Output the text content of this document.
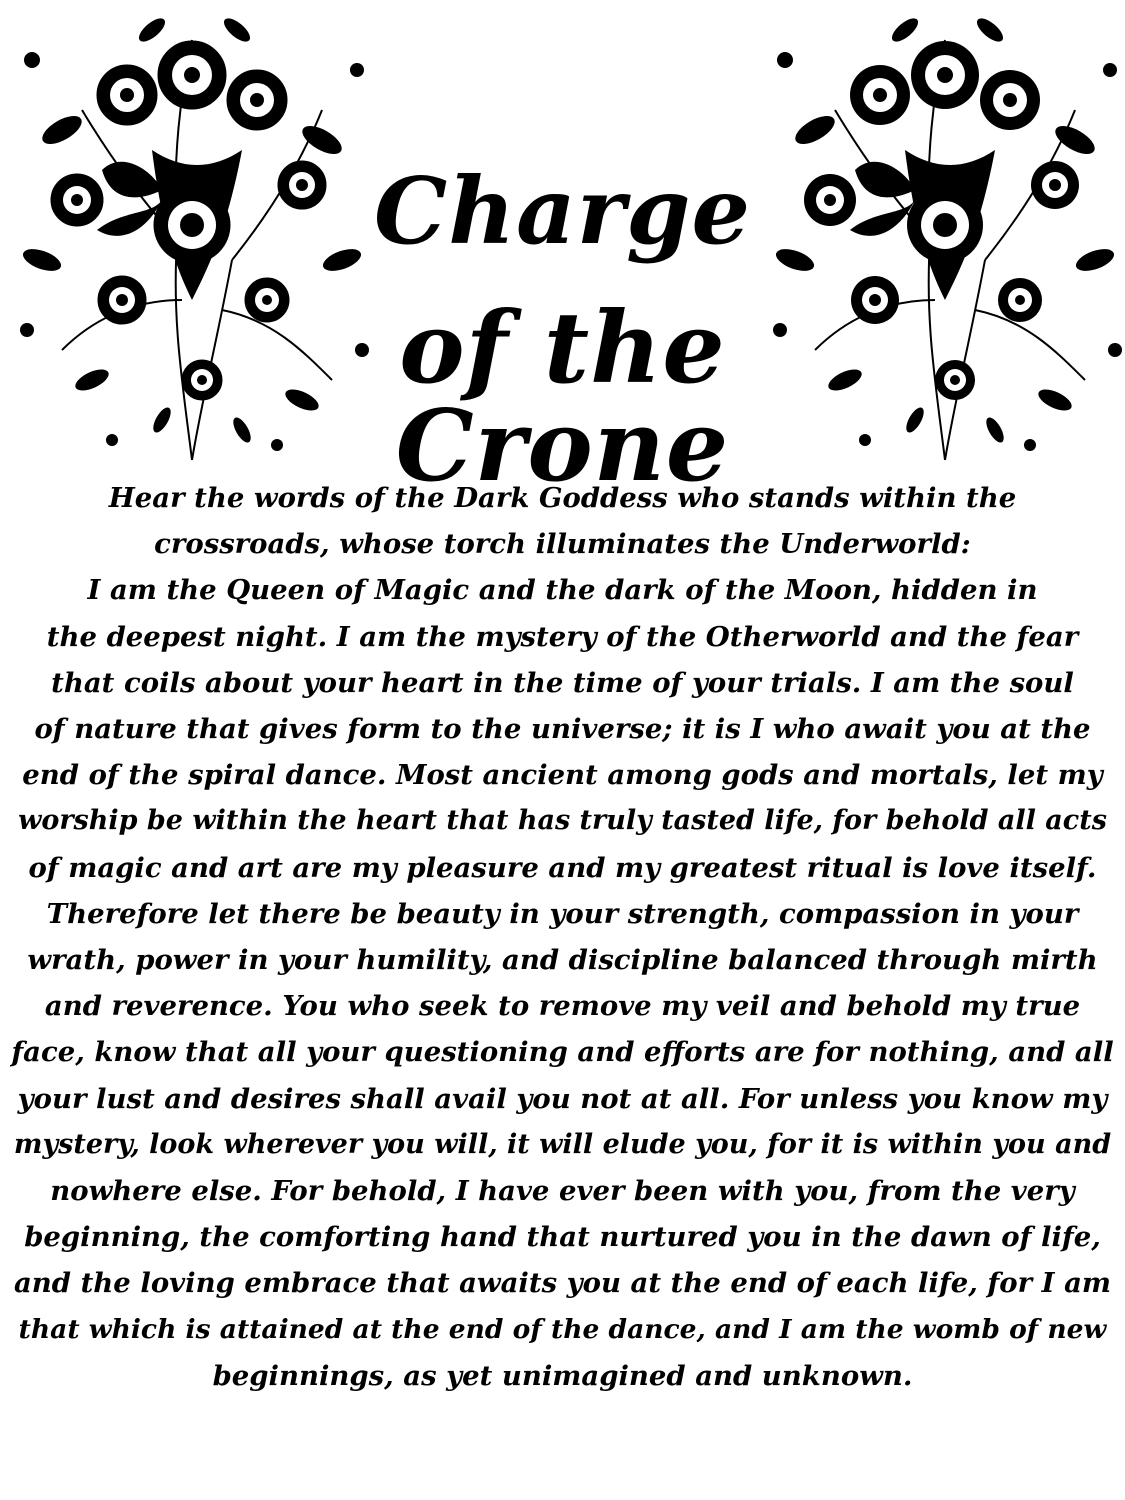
Charge
of the Crone
Hear the words of the Dark Goddess who stands within the
crossroads, whose torch illuminates the Underworld:
I am the Queen of Magic and the dark of the Moon, hidden in
the deepest night. I am the mystery of the Otherworld and the fear
that coils about your heart in the time of your trials. I am the soul
of nature that gives form to the universe; it is I who await you at the
end of the spiral dance. Most ancient among gods and mortals, let my
worship be within the heart that has truly tasted life, for behold all acts
of magic and art are my pleasure and my greatest ritual is love itself.
Therefore let there be beauty in your strength, compassion in your
wrath, power in your humility, and discipline balanced through mirth
and reverence. You who seek to remove my veil and behold my true
face, know that all your questioning and efforts are for nothing, and all
your lust and desires shall avail you not at all. For unless you know my
mystery, look wherever you will, it will elude you, for it is within you and
nowhere else. For behold, I have ever been with you, from the very
beginning, the comforting hand that nurtured you in the dawn of life,
and the loving embrace that awaits you at the end of each life, for I am
that which is attained at the end of the dance, and I am the womb of new
beginnings, as yet unimagined and unknown.
